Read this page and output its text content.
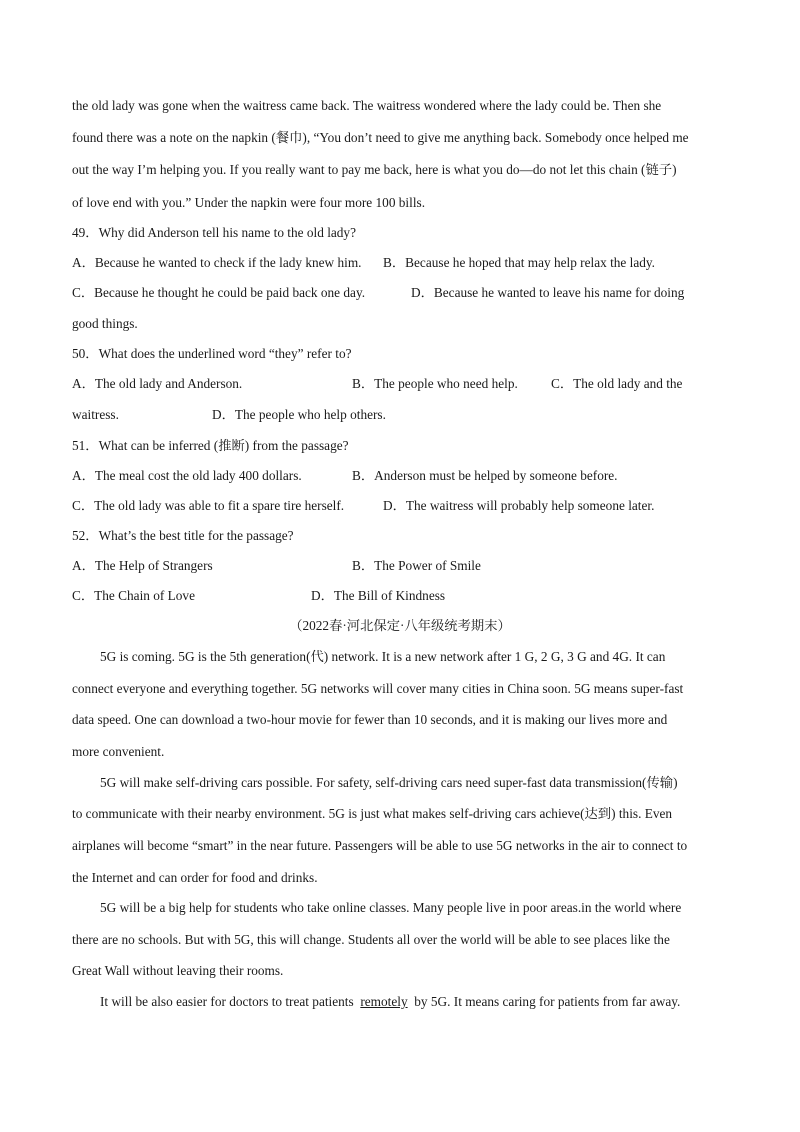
the old lady was gone when the waitress came back. The waitress wondered where the lady could be. Then she
found there was a note on the napkin (餐巾), “You don’t need to give me anything back. Somebody once helped me
out the way I’m helping you. If you really want to pay me back, here is what you do—do not let this chain (链子)
of love end with you.” Under the napkin were four more 100 bills.
49．Why did Anderson tell his name to the old lady?
A．Because he wanted to check if the lady knew him. B．Because he hoped that may help relax the lady.
C．Because he thought he could be paid back one day.	D．Because he wanted to leave his name for doing
good things.
50．What does the underlined word “they” refer to?
A．The old lady and Anderson.	B．The people who need help. C．The old lady and the
waitress.	D．The people who help others.
51．What can be inferred (推断) from the passage?
A．The meal cost the old lady 400 dollars.	B．Anderson must be helped by someone before.
C．The old lady was able to fit a spare tire herself.	D．The waitress will probably help someone later.
52．What’s the best title for the passage?
A．The Help of Strangers	B．The Power of Smile
C．The Chain of Love	D．The Bill of Kindness
（2022春·河北保定·八年级统考期末）
5G is coming. 5G is the 5th generation(代) network. It is a new network after 1 G, 2 G, 3 G and 4G. It can
connect everyone and everything together. 5G networks will cover many cities in China soon. 5G means super-fast
data speed. One can download a two-hour movie for fewer than 10 seconds, and it is making our lives more and
more convenient.
5G will make self-driving cars possible. For safety, self-driving cars need super-fast data transmission(传输)
to communicate with their nearby environment. 5G is just what makes self-driving cars achieve(达到) this. Even
airplanes will become “smart” in the near future. Passengers will be able to use 5G networks in the air to connect to
the Internet and can order for food and drinks.
5G will be a big help for students who take online classes. Many people live in poor areas.in the world where
there are no schools. But with 5G, this will change. Students all over the world will be able to see places like the
Great Wall without leaving their rooms.
It will be also easier for doctors to treat patients remotely by 5G. It means caring for patients from far away.
